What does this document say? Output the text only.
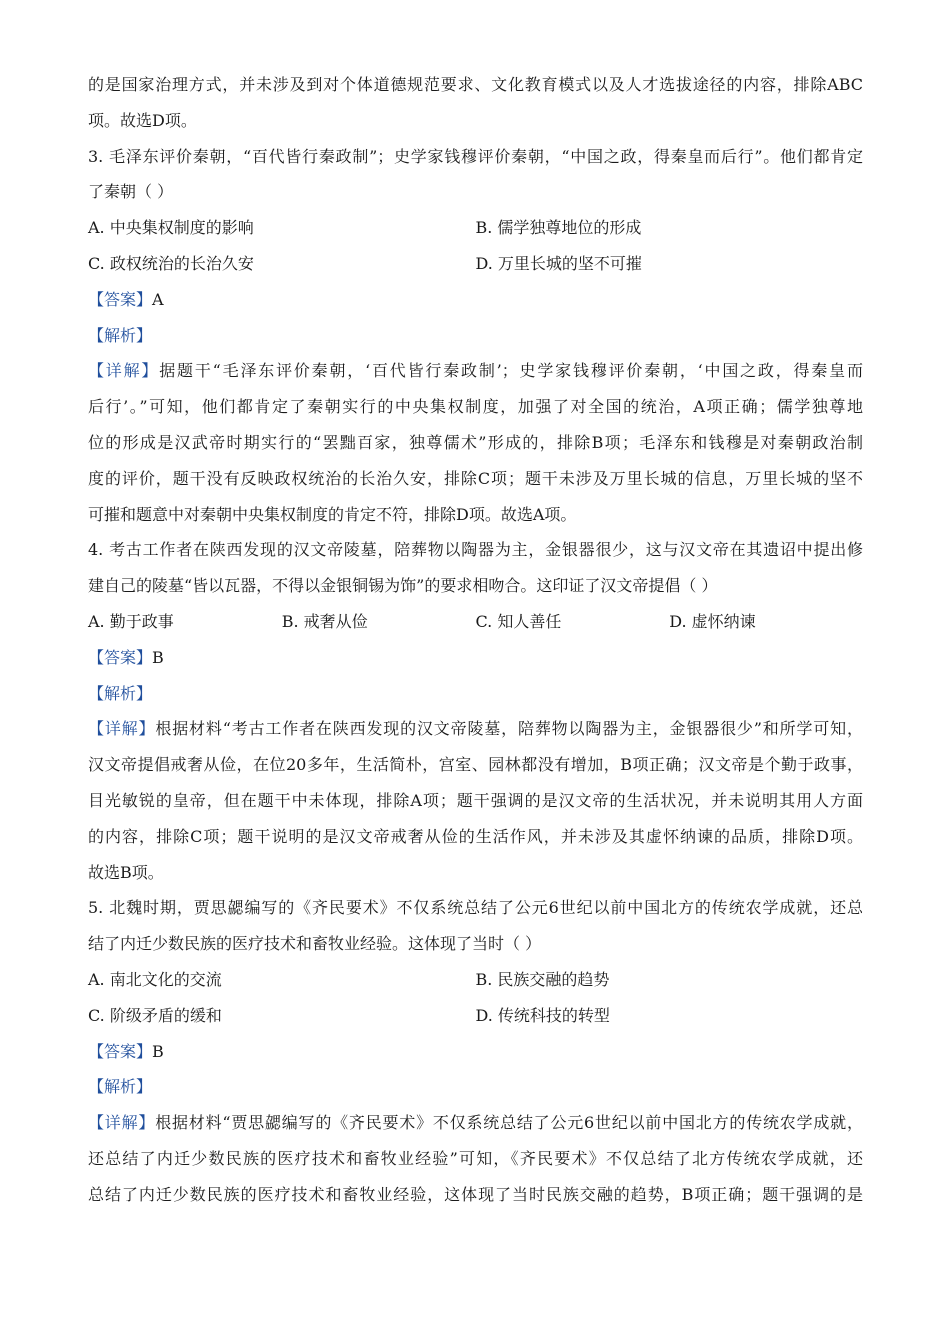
的是国家治理方式，并未涉及到对个体道德规范要求、文化教育模式以及人才选拔途径的内容，排除ABC
项。故选D项。
3. 毛泽东评价秦朝，“百代皆行秦政制”；史学家钱穆评价秦朝，“中国之政，得秦皇而后行”。他们都肯定
了秦朝（ ）
A. 中央集权制度的影响	B. 儒学独尊地位的形成
C. 政权统治的长治久安	D. 万里长城的坚不可摧
【答案】A
【解析】
【详解】据题干“毛泽东评价秦朝，‘百代皆行秦政制’；史学家钱穆评价秦朝，‘中国之政，得秦皇而
后行’。”可知，他们都肯定了秦朝实行的中央集权制度，加强了对全国的统治，A项正确；儒学独尊地
位的形成是汉武帝时期实行的“罢黜百家，独尊儒术”形成的，排除B项；毛泽东和钱穆是对秦朝政治制
度的评价，题干没有反映政权统治的长治久安，排除C项；题干未涉及万里长城的信息，万里长城的坚不
可摧和题意中对秦朝中央集权制度的肯定不符，排除D项。故选A项。
4. 考古工作者在陕西发现的汉文帝陵墓，陪葬物以陶器为主，金银器很少，这与汉文帝在其遗诏中提出修
建自己的陵墓“皆以瓦器，不得以金银铜锡为饰”的要求相吻合。这印证了汉文帝提倡（ ）
A. 勤于政事	B. 戒奢从俭	C. 知人善任	D. 虚怀纳谏
【答案】B
【解析】
【详解】根据材料“考古工作者在陕西发现的汉文帝陵墓，陪葬物以陶器为主，金银器很少”和所学可知，
汉文帝提倡戒奢从俭，在位20多年，生活简朴，宫室、园林都没有增加，B项正确；汉文帝是个勤于政事，
目光敏锐的皇帝，但在题干中未体现，排除A项；题干强调的是汉文帝的生活状况，并未说明其用人方面
的内容，排除C项；题干说明的是汉文帝戒奢从俭的生活作风，并未涉及其虚怀纳谏的品质，排除D项。
故选B项。
5. 北魏时期，贾思勰编写的《齐民要术》不仅系统总结了公元6世纪以前中国北方的传统农学成就，还总
结了内迁少数民族的医疗技术和畜牧业经验。这体现了当时（ ）
A. 南北文化的交流	B. 民族交融的趋势
C. 阶级矛盾的缓和	D. 传统科技的转型
【答案】B
【解析】
【详解】根据材料“贾思勰编写的《齐民要术》不仅系统总结了公元6世纪以前中国北方的传统农学成就，
还总结了内迁少数民族的医疗技术和畜牧业经验”可知，《齐民要术》不仅总结了北方传统农学成就，还
总结了内迁少数民族的医疗技术和畜牧业经验，这体现了当时民族交融的趋势，B项正确；题干强调的是
